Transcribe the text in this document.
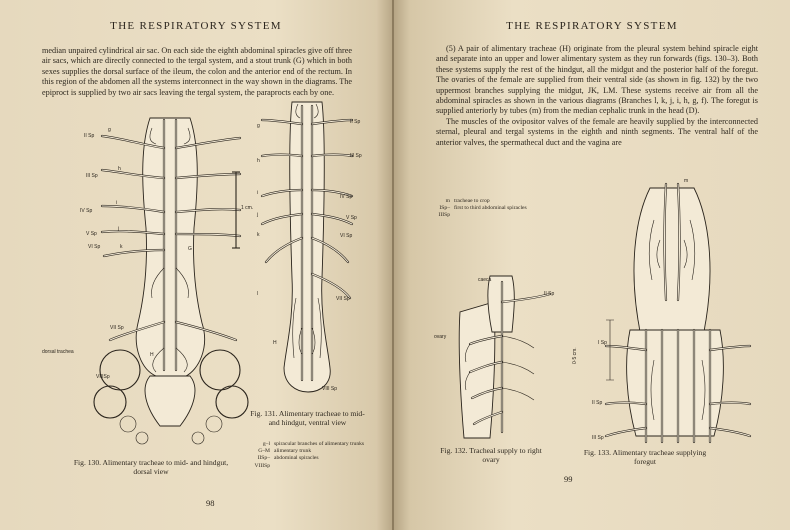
THE RESPIRATORY SYSTEM

median unpaired cylindrical air sac. On each side the eighth abdominal spiracles give off three air sacs, which are directly connected to the tergal system, and a stout trunk (G) which in both sexes supplies the dorsal surface of the ileum, the colon and the anterior end of the rectum. In this region of the abdomen all the systems interconnect in the way shown in the diagrams. The epiproct is supplied by two air sacs leaving the tergal system, the paraprocts each by one.

II Sp
g
h
III Sp
i
IV Sp
j
V Sp
k
VI Sp	G
VII Sp
dorsal trachea	H
VIIISp
1 cm.
II Sp
g
III Sp
h
i
IV Sp
j	V Sp
k	VI Sp
l
VII Sp
H
VIII Sp
Fig. 131. Alimentary tracheae to mid- and hindgut, ventral view
g–l spiracular branches of alimentary trunks
G–M alimentary trunk
IISp–VIIISp
abdominal spiracles
Fig. 130. Alimentary tracheae to mid- and hindgut, dorsal view
98
THE RESPIRATORY SYSTEM

(5) A pair of alimentary tracheae (H) originate from the pleural system behind spiracle eight and separate into an upper and lower alimentary system as they run forwards (figs. 130–3). Both these systems supply the rest of the hindgut, all the midgut and the posterior half of the foregut. The ovaries of the female are supplied from their ventral side (as shown in fig. 132) by the two uppermost branches supplying the midgut, JK, LM. These systems receive air from all the abdominal spiracles as shown in the various diagrams (Branches l, k, j, i, h, g, f). The foregut is supplied anteriorly by tubes (m) from the median cephalic trunk in the head (D).

The muscles of the ovipositor valves of the female are heavily supplied by the interconnected sternal, pleural and tergal systems in the eighth and ninth segments. The ventral half of the anterior valves, the spermathecal duct and the vagina are

m tracheae to crop
ISp–IIISp
first to third abdominal spiracles
caeca
II Sp
ovary
Fig. 132. Tracheal supply to right ovary
m
I Sp
II Sp
III Sp
0·5 cm.
Fig. 133. Alimentary tracheae supplying foregut
99
